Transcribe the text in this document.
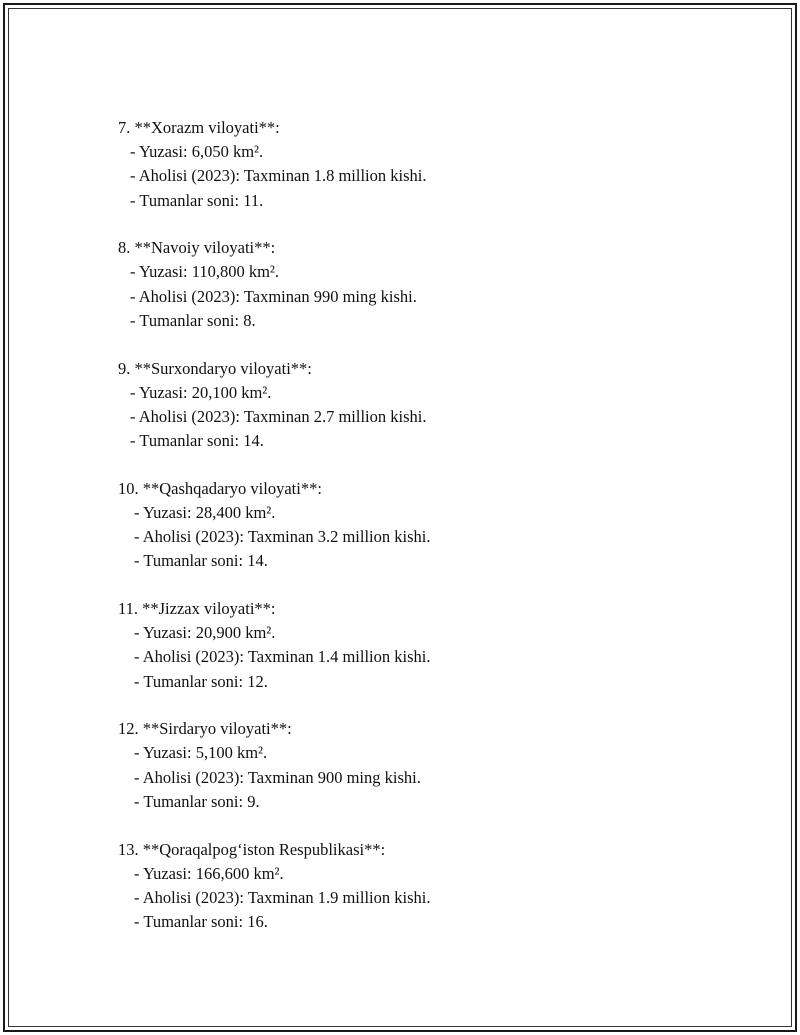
7. **Xorazm viloyati**:
- Yuzasi: 6,050 km².
- Aholisi (2023): Taxminan 1.8 million kishi.
- Tumanlar soni: 11.
8. **Navoiy viloyati**:
- Yuzasi: 110,800 km².
- Aholisi (2023): Taxminan 990 ming kishi.
- Tumanlar soni: 8.
9. **Surxondaryo viloyati**:
- Yuzasi: 20,100 km².
- Aholisi (2023): Taxminan 2.7 million kishi.
- Tumanlar soni: 14.
10. **Qashqadaryo viloyati**:
- Yuzasi: 28,400 km².
- Aholisi (2023): Taxminan 3.2 million kishi.
- Tumanlar soni: 14.
11. **Jizzax viloyati**:
- Yuzasi: 20,900 km².
- Aholisi (2023): Taxminan 1.4 million kishi.
- Tumanlar soni: 12.
12. **Sirdaryo viloyati**:
- Yuzasi: 5,100 km².
- Aholisi (2023): Taxminan 900 ming kishi.
- Tumanlar soni: 9.
13. **Qoraqalpog‘iston Respublikasi**:
- Yuzasi: 166,600 km².
- Aholisi (2023): Taxminan 1.9 million kishi.
- Tumanlar soni: 16.
